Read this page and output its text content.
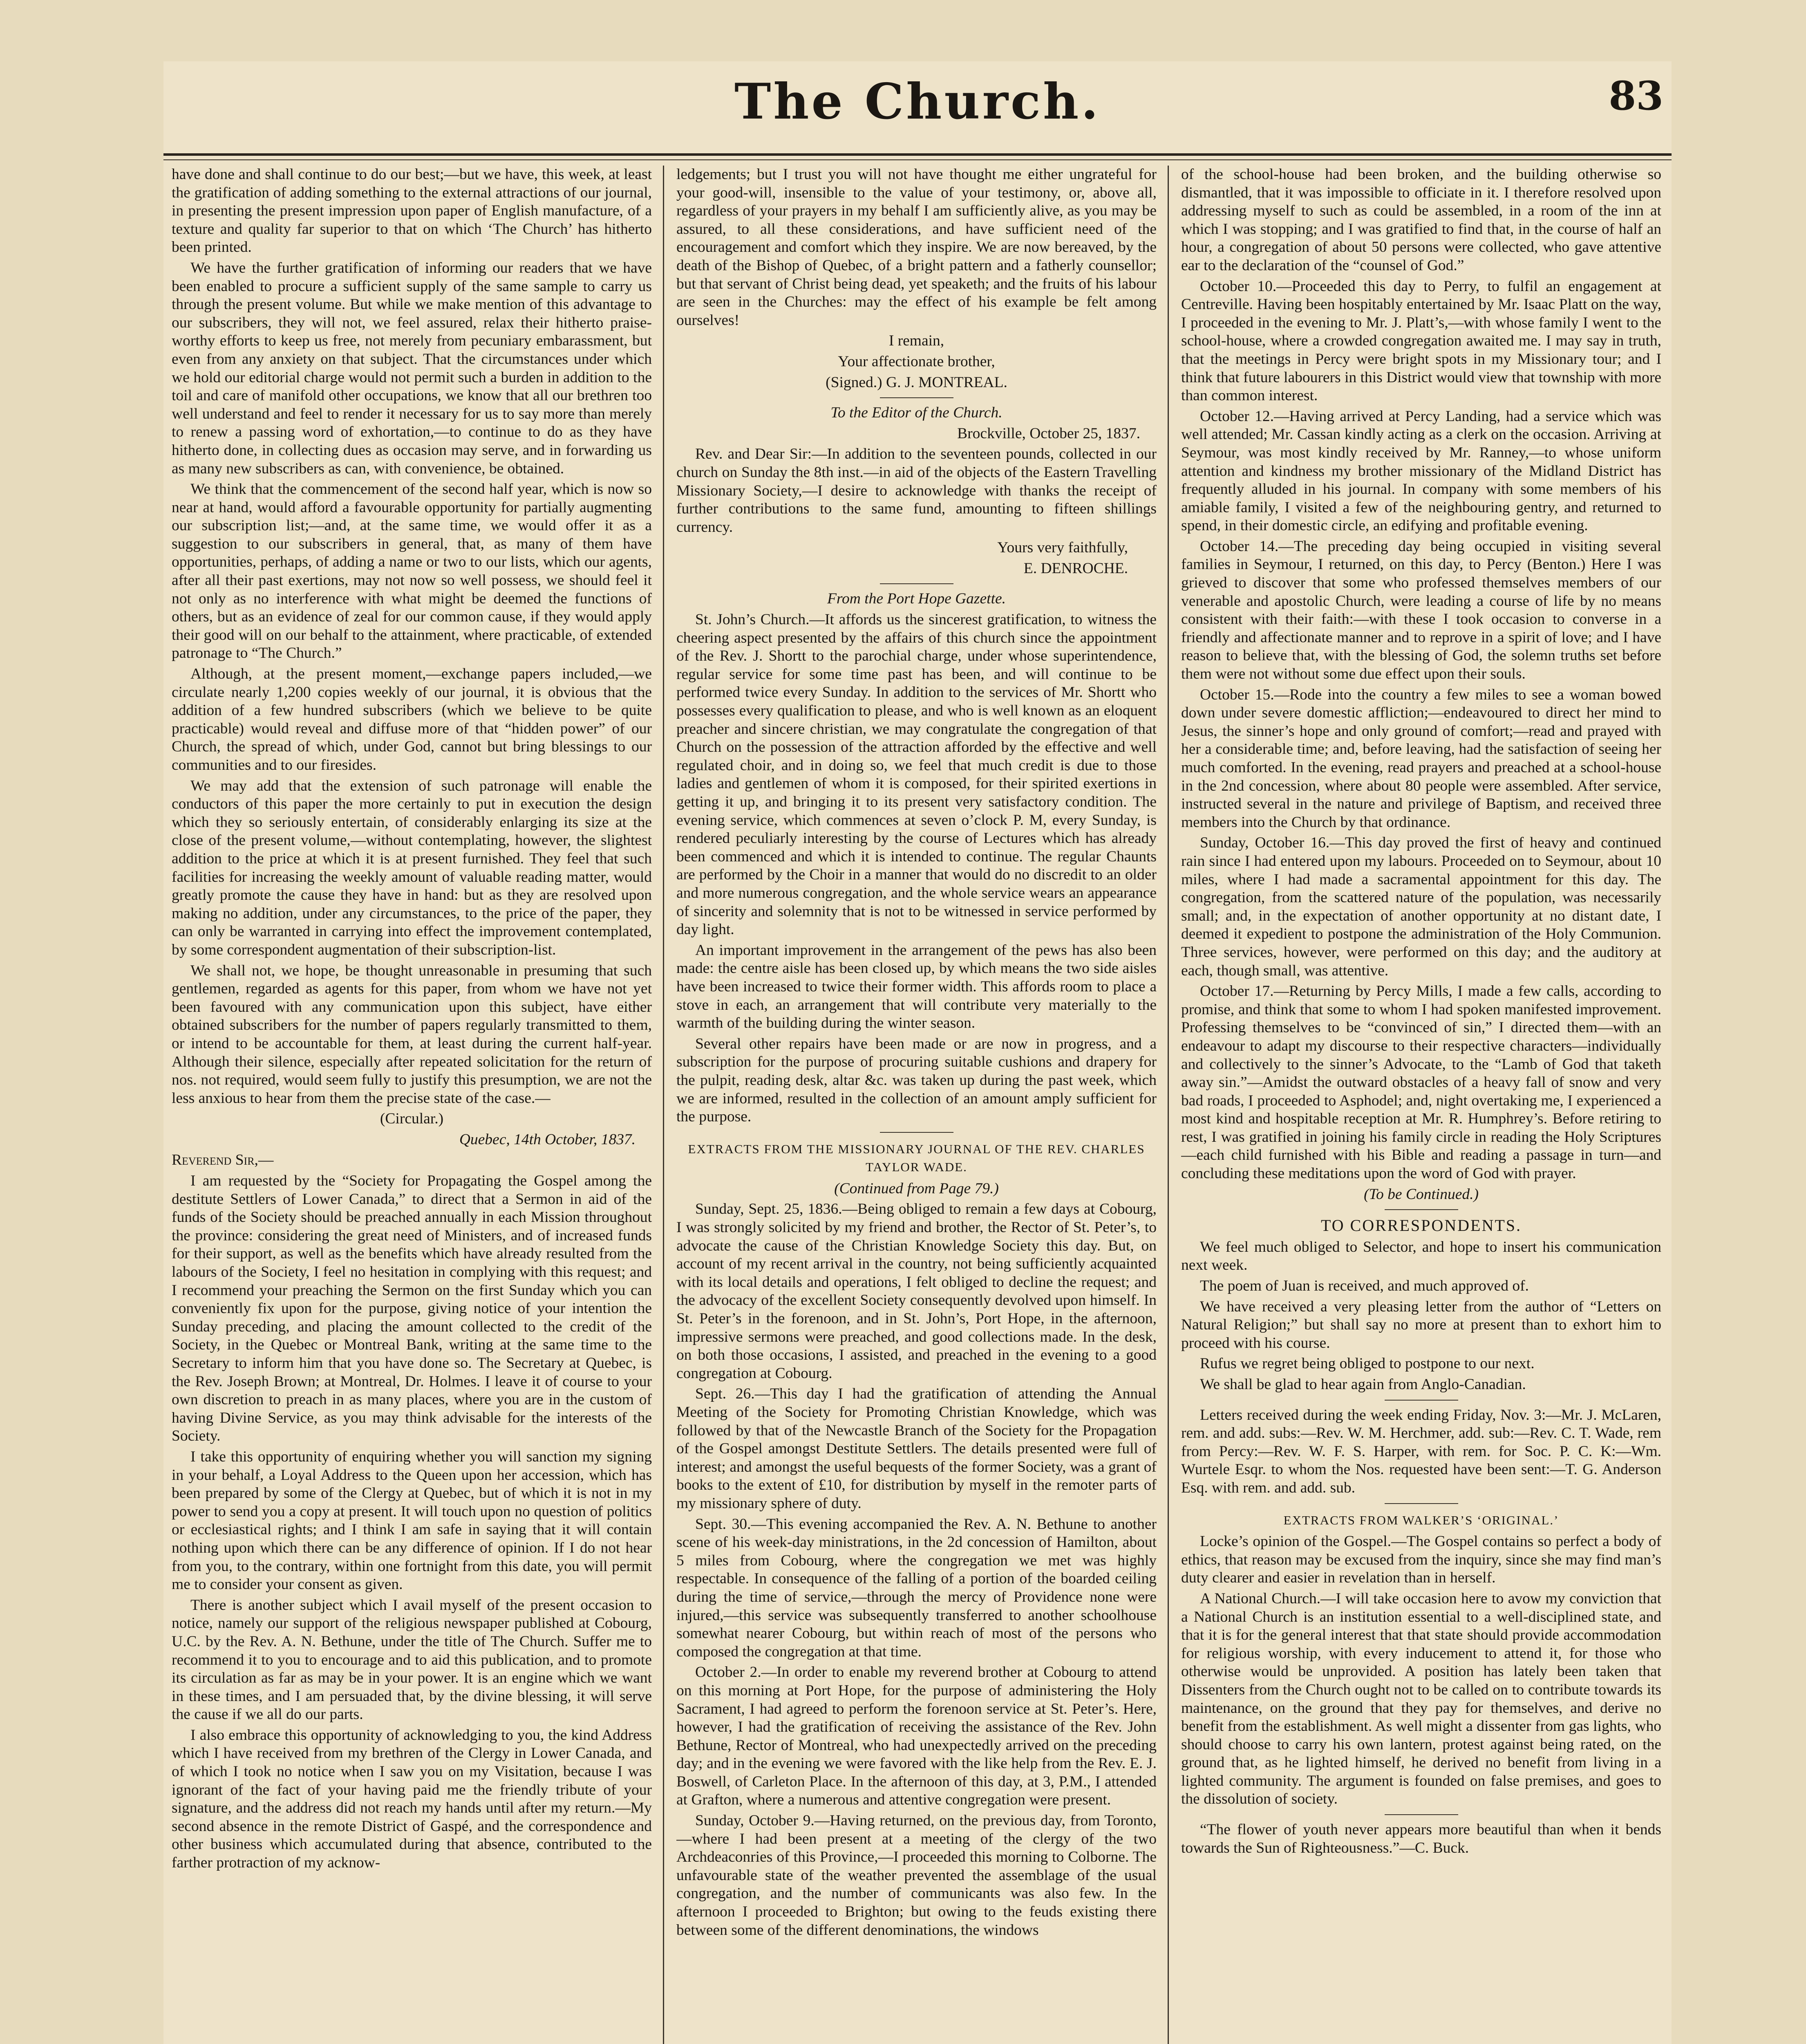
The Church.	83

have done and shall continue to do our best;—but we have, this week, at least the gratification of adding something to the external attractions of our journal, in presenting the present impression upon paper of English manufacture, of a texture and quality far superior to that on which ‘The Church’ has hitherto been printed.

We have the further gratification of informing our readers that we have been enabled to procure a sufficient supply of the same sample to carry us through the present volume. But while we make mention of this advantage to our subscribers, they will not, we feel assured, relax their hitherto praise-worthy efforts to keep us free, not merely from pecuniary embarassment, but even from any anxiety on that subject. That the circumstances under which we hold our editorial charge would not permit such a burden in addition to the toil and care of manifold other occupations, we know that all our brethren too well understand and feel to render it necessary for us to say more than merely to renew a passing word of exhortation,—to continue to do as they have hitherto done, in collecting dues as occasion may serve, and in forwarding us as many new subscribers as can, with convenience, be obtained.

We think that the commencement of the second half year, which is now so near at hand, would afford a favourable opportunity for partially augmenting our subscription list;—and, at the same time, we would offer it as a suggestion to our subscribers in general, that, as many of them have opportunities, perhaps, of adding a name or two to our lists, which our agents, after all their past exertions, may not now so well possess, we should feel it not only as no interference with what might be deemed the functions of others, but as an evidence of zeal for our common cause, if they would apply their good will on our behalf to the attainment, where practicable, of extended patronage to “The Church.”

Although, at the present moment,—exchange papers included,—we circulate nearly 1,200 copies weekly of our journal, it is obvious that the addition of a few hundred subscribers (which we believe to be quite practicable) would reveal and diffuse more of that “hidden power” of our Church, the spread of which, under God, cannot but bring blessings to our communities and to our firesides.

We may add that the extension of such patronage will enable the conductors of this paper the more certainly to put in execution the design which they so seriously entertain, of considerably enlarging its size at the close of the present volume,—without contemplating, however, the slightest addition to the price at which it is at present furnished. They feel that such facilities for increasing the weekly amount of valuable reading matter, would greatly promote the cause they have in hand: but as they are resolved upon making no addition, under any circumstances, to the price of the paper, they can only be warranted in carrying into effect the improvement contemplated, by some correspondent augmentation of their subscription-list.

We shall not, we hope, be thought unreasonable in presuming that such gentlemen, regarded as agents for this paper, from whom we have not yet been favoured with any communication upon this subject, have either obtained subscribers for the number of papers regularly transmitted to them, or intend to be accountable for them, at least during the current half-year. Although their silence, especially after repeated solicitation for the return of nos. not required, would seem fully to justify this presumption, we are not the less anxious to hear from them the precise state of the case.—

(Circular.)

Quebec, 14th October, 1837.

Reverend Sir,—

I am requested by the “Society for Propagating the Gospel among the destitute Settlers of Lower Canada,” to direct that a Sermon in aid of the funds of the Society should be preached annually in each Mission throughout the province: considering the great need of Ministers, and of increased funds for their support, as well as the benefits which have already resulted from the labours of the Society, I feel no hesitation in complying with this request; and I recommend your preaching the Sermon on the first Sunday which you can conveniently fix upon for the purpose, giving notice of your intention the Sunday preceding, and placing the amount collected to the credit of the Society, in the Quebec or Montreal Bank, writing at the same time to the Secretary to inform him that you have done so. The Secretary at Quebec, is the Rev. Joseph Brown; at Montreal, Dr. Holmes. I leave it of course to your own discretion to preach in as many places, where you are in the custom of having Divine Service, as you may think advisable for the interests of the Society.

I take this opportunity of enquiring whether you will sanction my signing in your behalf, a Loyal Address to the Queen upon her accession, which has been prepared by some of the Clergy at Quebec, but of which it is not in my power to send you a copy at present. It will touch upon no question of politics or ecclesiastical rights; and I think I am safe in saying that it will contain nothing upon which there can be any difference of opinion. If I do not hear from you, to the contrary, within one fortnight from this date, you will permit me to consider your consent as given.

There is another subject which I avail myself of the present occasion to notice, namely our support of the religious newspaper published at Cobourg, U.C. by the Rev. A. N. Bethune, under the title of The Church. Suffer me to recommend it to you to encourage and to aid this publication, and to promote its circulation as far as may be in your power. It is an engine which we want in these times, and I am persuaded that, by the divine blessing, it will serve the cause if we all do our parts.

I also embrace this opportunity of acknowledging to you, the kind Address which I have received from my brethren of the Clergy in Lower Canada, and of which I took no notice when I saw you on my Visitation, because I was ignorant of the fact of your having paid me the friendly tribute of your signature, and the address did not reach my hands until after my return.—My second absence in the remote District of Gaspé, and the correspondence and other business which accumulated during that absence, contributed to the farther protraction of my acknow-

ledgements; but I trust you will not have thought me either ungrateful for your good-will, insensible to the value of your testimony, or, above all, regardless of your prayers in my behalf I am sufficiently alive, as you may be assured, to all these considerations, and have sufficient need of the encouragement and comfort which they inspire. We are now bereaved, by the death of the Bishop of Quebec, of a bright pattern and a fatherly counsellor; but that servant of Christ being dead, yet speaketh; and the fruits of his labour are seen in the Churches: may the effect of his example be felt among ourselves!

I remain,

Your affectionate brother,

(Signed.) G. J. MONTREAL.

To the Editor of the Church.

Brockville, October 25, 1837.

Rev. and Dear Sir:—In addition to the seventeen pounds, collected in our church on Sunday the 8th inst.—in aid of the objects of the Eastern Travelling Missionary Society,—I desire to acknowledge with thanks the receipt of further contributions to the same fund, amounting to fifteen shillings currency.

Yours very faithfully,

E. DENROCHE.

From the Port Hope Gazette.

St. John’s Church.—It affords us the sincerest gratification, to witness the cheering aspect presented by the affairs of this church since the appointment of the Rev. J. Shortt to the parochial charge, under whose superintendence, regular service for some time past has been, and will continue to be performed twice every Sunday. In addition to the services of Mr. Shortt who possesses every qualification to please, and who is well known as an eloquent preacher and sincere christian, we may congratulate the congregation of that Church on the possession of the attraction afforded by the effective and well regulated choir, and in doing so, we feel that much credit is due to those ladies and gentlemen of whom it is composed, for their spirited exertions in getting it up, and bringing it to its present very satisfactory condition. The evening service, which commences at seven o’clock P. M, every Sunday, is rendered peculiarly interesting by the course of Lectures which has already been commenced and which it is intended to continue. The regular Chaunts are performed by the Choir in a manner that would do no discredit to an older and more numerous congregation, and the whole service wears an appearance of sincerity and solemnity that is not to be witnessed in service performed by day light.

An important improvement in the arrangement of the pews has also been made: the centre aisle has been closed up, by which means the two side aisles have been increased to twice their former width. This affords room to place a stove in each, an arrangement that will contribute very materially to the warmth of the building during the winter season.

Several other repairs have been made or are now in progress, and a subscription for the purpose of procuring suitable cushions and drapery for the pulpit, reading desk, altar &c. was taken up during the past week, which we are informed, resulted in the collection of an amount amply sufficient for the purpose.

EXTRACTS FROM THE MISSIONARY JOURNAL OF THE REV. CHARLES TAYLOR WADE.

(Continued from Page 79.)

Sunday, Sept. 25, 1836.—Being obliged to remain a few days at Cobourg, I was strongly solicited by my friend and brother, the Rector of St. Peter’s, to advocate the cause of the Christian Knowledge Society this day. But, on account of my recent arrival in the country, not being sufficiently acquainted with its local details and operations, I felt obliged to decline the request; and the advocacy of the excellent Society consequently devolved upon himself. In St. Peter’s in the forenoon, and in St. John’s, Port Hope, in the afternoon, impressive sermons were preached, and good collections made. In the desk, on both those occasions, I assisted, and preached in the evening to a good congregation at Cobourg.

Sept. 26.—This day I had the gratification of attending the Annual Meeting of the Society for Promoting Christian Knowledge, which was followed by that of the Newcastle Branch of the Society for the Propagation of the Gospel amongst Destitute Settlers. The details presented were full of interest; and amongst the useful bequests of the former Society, was a grant of books to the extent of £10, for distribution by myself in the remoter parts of my missionary sphere of duty.

Sept. 30.—This evening accompanied the Rev. A. N. Bethune to another scene of his week-day ministrations, in the 2d concession of Hamilton, about 5 miles from Cobourg, where the congregation we met was highly respectable. In consequence of the falling of a portion of the boarded ceiling during the time of service,—through the mercy of Providence none were injured,—this service was subsequently transferred to another schoolhouse somewhat nearer Cobourg, but within reach of most of the persons who composed the congregation at that time.

October 2.—In order to enable my reverend brother at Cobourg to attend on this morning at Port Hope, for the purpose of administering the Holy Sacrament, I had agreed to perform the forenoon service at St. Peter’s. Here, however, I had the gratification of receiving the assistance of the Rev. John Bethune, Rector of Montreal, who had unexpectedly arrived on the preceding day; and in the evening we were favored with the like help from the Rev. E. J. Boswell, of Carleton Place. In the afternoon of this day, at 3, P.M., I attended at Grafton, where a numerous and attentive congregation were present.

Sunday, October 9.—Having returned, on the previous day, from Toronto,—where I had been present at a meeting of the clergy of the two Archdeaconries of this Province,—I proceeded this morning to Colborne. The unfavourable state of the weather prevented the assemblage of the usual congregation, and the number of communicants was also few. In the afternoon I proceeded to Brighton; but owing to the feuds existing there between some of the different denominations, the windows

of the school-house had been broken, and the building otherwise so dismantled, that it was impossible to officiate in it. I therefore resolved upon addressing myself to such as could be assembled, in a room of the inn at which I was stopping; and I was gratified to find that, in the course of half an hour, a congregation of about 50 persons were collected, who gave attentive ear to the declaration of the “counsel of God.”

October 10.—Proceeded this day to Perry, to fulfil an engagement at Centreville. Having been hospitably entertained by Mr. Isaac Platt on the way, I proceeded in the evening to Mr. J. Platt’s,—with whose family I went to the school-house, where a crowded congregation awaited me. I may say in truth, that the meetings in Percy were bright spots in my Missionary tour; and I think that future labourers in this District would view that township with more than common interest.

October 12.—Having arrived at Percy Landing, had a service which was well attended; Mr. Cassan kindly acting as a clerk on the occasion. Arriving at Seymour, was most kindly received by Mr. Ranney,—to whose uniform attention and kindness my brother missionary of the Midland District has frequently alluded in his journal. In company with some members of his amiable family, I visited a few of the neighbouring gentry, and returned to spend, in their domestic circle, an edifying and profitable evening.

October 14.—The preceding day being occupied in visiting several families in Seymour, I returned, on this day, to Percy (Benton.) Here I was grieved to discover that some who professed themselves members of our venerable and apostolic Church, were leading a course of life by no means consistent with their faith:—with these I took occasion to converse in a friendly and affectionate manner and to reprove in a spirit of love; and I have reason to believe that, with the blessing of God, the solemn truths set before them were not without some due effect upon their souls.

October 15.—Rode into the country a few miles to see a woman bowed down under severe domestic affliction;—endeavoured to direct her mind to Jesus, the sinner’s hope and only ground of comfort;—read and prayed with her a considerable time; and, before leaving, had the satisfaction of seeing her much comforted. In the evening, read prayers and preached at a school-house in the 2nd concession, where about 80 people were assembled. After service, instructed several in the nature and privilege of Baptism, and received three members into the Church by that ordinance.

Sunday, October 16.—This day proved the first of heavy and continued rain since I had entered upon my labours. Proceeded on to Seymour, about 10 miles, where I had made a sacramental appointment for this day. The congregation, from the scattered nature of the population, was necessarily small; and, in the expectation of another opportunity at no distant date, I deemed it expedient to postpone the administration of the Holy Communion. Three services, however, were performed on this day; and the auditory at each, though small, was attentive.

October 17.—Returning by Percy Mills, I made a few calls, according to promise, and think that some to whom I had spoken manifested improvement. Professing themselves to be “convinced of sin,” I directed them—with an endeavour to adapt my discourse to their respective characters—individually and collectively to the sinner’s Advocate, to the “Lamb of God that taketh away sin.”—Amidst the outward obstacles of a heavy fall of snow and very bad roads, I proceeded to Asphodel; and, night overtaking me, I experienced a most kind and hospitable reception at Mr. R. Humphrey’s. Before retiring to rest, I was gratified in joining his family circle in reading the Holy Scriptures—each child furnished with his Bible and reading a passage in turn—and concluding these meditations upon the word of God with prayer.

(To be Continued.)

TO CORRESPONDENTS.

We feel much obliged to Selector, and hope to insert his communication next week.

The poem of Juan is received, and much approved of.

We have received a very pleasing letter from the author of “Letters on Natural Religion;” but shall say no more at present than to exhort him to proceed with his course.

Rufus we regret being obliged to postpone to our next.

We shall be glad to hear again from Anglo-Canadian.

Letters received during the week ending Friday, Nov. 3:—Mr. J. McLaren, rem. and add. subs:—Rev. W. M. Herchmer, add. sub:—Rev. C. T. Wade, rem from Percy:—Rev. W. F. S. Harper, with rem. for Soc. P. C. K:—Wm. Wurtele Esqr. to whom the Nos. requested have been sent:—T. G. Anderson Esq. with rem. and add. sub.

EXTRACTS FROM WALKER’S ‘ORIGINAL.’

Locke’s opinion of the Gospel.—The Gospel contains so perfect a body of ethics, that reason may be excused from the inquiry, since she may find man’s duty clearer and easier in revelation than in herself.

A National Church.—I will take occasion here to avow my conviction that a National Church is an institution essential to a well-disciplined state, and that it is for the general interest that that state should provide accommodation for religious worship, with every inducement to attend it, for those who otherwise would be unprovided. A position has lately been taken that Dissenters from the Church ought not to be called on to contribute towards its maintenance, on the ground that they pay for themselves, and derive no benefit from the establishment. As well might a dissenter from gas lights, who should choose to carry his own lantern, protest against being rated, on the ground that, as he lighted himself, he derived no benefit from living in a lighted community. The argument is founded on false premises, and goes to the dissolution of society.

“The flower of youth never appears more beautiful than when it bends towards the Sun of Righteousness.”—C. Buck.
